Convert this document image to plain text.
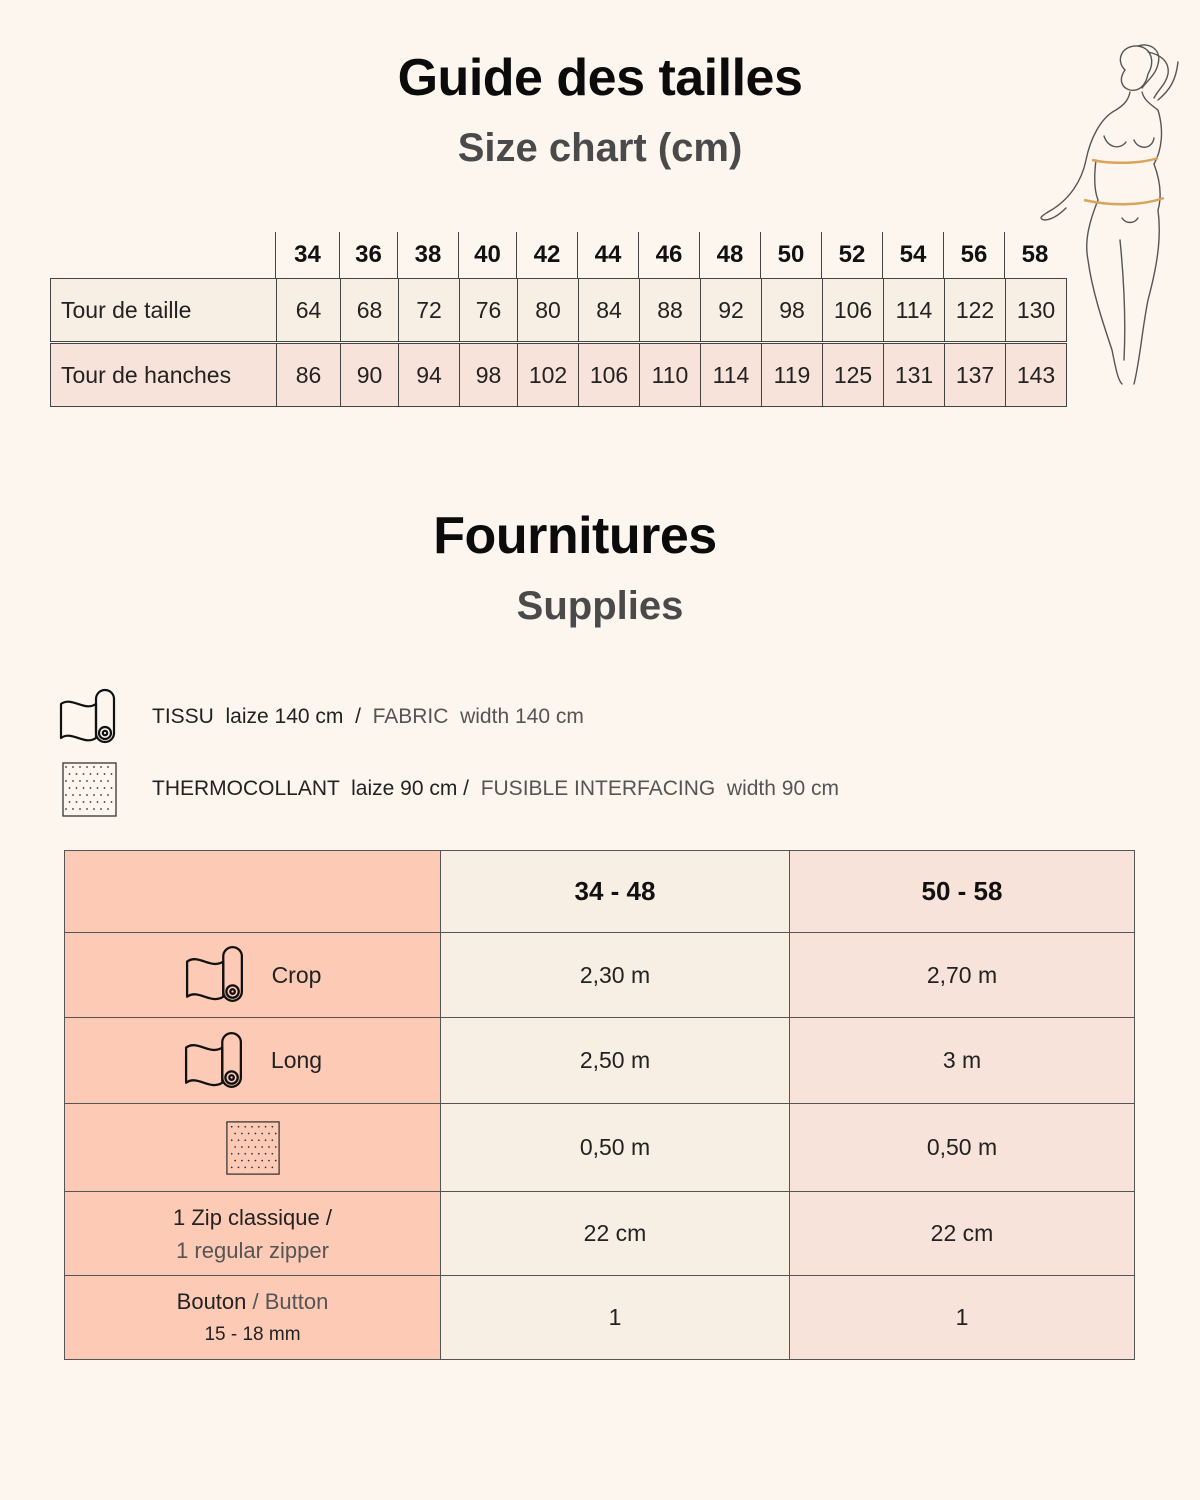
Guide des tailles
Size chart (cm)
34	36	38	40	42	44	46	48	50	52	54	56	58
Tour de taille	64	68	72	76	80	84	88	92	98	106	114	122 130
Tour de hanches	86	90	94	98	102 106	110	114	119	125 131 137 143
Fournitures
Supplies
TISSU  laize 140 cm  / FABRIC  width 140 cm
THERMOCOLLANT  laize 90 cm / FUSIBLE INTERFACING  width 90 cm
34 - 48	50 - 58
Crop	2,30 m	2,70 m
Long	2,50 m	3 m
0,50 m	0,50 m
1 Zip classique /
1 regular zipper
22 cm	22 cm
Bouton / Button
15 - 18 mm
1	1
